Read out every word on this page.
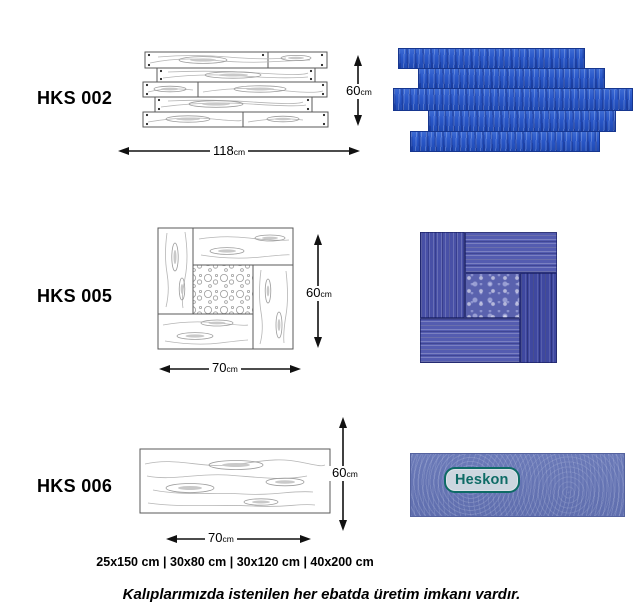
HKS 002	60cm
118cm
HKS 005	60cm
70cm
HKS 006
60cm
70cm
Heskon
25x150 cm | 30x80 cm | 30x120 cm | 40x200 cm
Kalıplarımızda istenilen her ebatda üretim imkanı vardır.
